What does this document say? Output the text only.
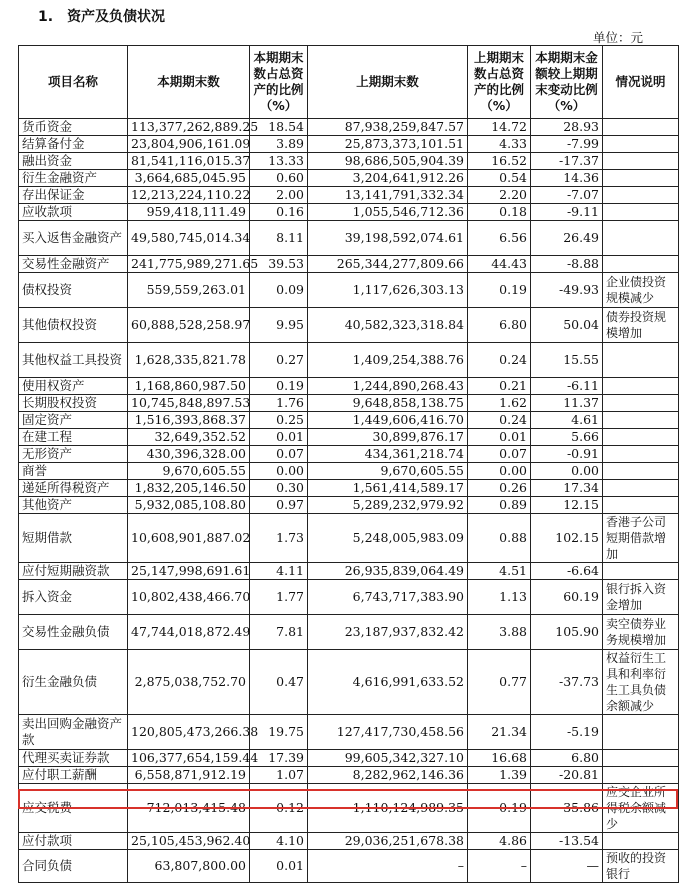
1. 资产及负债状况
单位：元
项目名称	本期期末数	本期期末数占总资产的比例（%）	上期期末数	上期期末数占总资产的比例（%）	本期期末金额较上期期末变动比例（%）	情况说明
货币资金	113,377,262,889.25	18.54	87,938,259,847.57	14.72	28.93	
结算备付金	23,804,906,161.09	3.89	25,873,373,101.51	4.33	-7.99	
融出资金	81,541,116,015.37	13.33	98,686,505,904.39	16.52	-17.37	
衍生金融资产	3,664,685,045.95	0.60	3,204,641,912.26	0.54	14.36	
存出保证金	12,213,224,110.22	2.00	13,141,791,332.34	2.20	-7.07	
应收款项	959,418,111.49	0.16	1,055,546,712.36	0.18	-9.11	
买入返售金融资产	49,580,745,014.34	8.11	39,198,592,074.61	6.56	26.49	
交易性金融资产	241,775,989,271.65	39.53	265,344,277,809.66	44.43	-8.88	
债权投资	559,559,263.01	0.09	1,117,626,303.13	0.19	-49.93	企业债投资规模减少
其他债权投资	60,888,528,258.97	9.95	40,582,323,318.84	6.80	50.04	债券投资规模增加
其他权益工具投资	1,628,335,821.78	0.27	1,409,254,388.76	0.24	15.55	
使用权资产	1,168,860,987.50	0.19	1,244,890,268.43	0.21	-6.11	
长期股权投资	10,745,848,897.53	1.76	9,648,858,138.75	1.62	11.37	
固定资产	1,516,393,868.37	0.25	1,449,606,416.70	0.24	4.61	
在建工程	32,649,352.52	0.01	30,899,876.17	0.01	5.66	
无形资产	430,396,328.00	0.07	434,361,218.74	0.07	-0.91	
商誉	9,670,605.55	0.00	9,670,605.55	0.00	0.00	
递延所得税资产	1,832,205,146.50	0.30	1,561,414,589.17	0.26	17.34	
其他资产	5,932,085,108.80	0.97	5,289,232,979.92	0.89	12.15	
短期借款	10,608,901,887.02	1.73	5,248,005,983.09	0.88	102.15	香港子公司短期借款增加
应付短期融资款	25,147,998,691.61	4.11	26,935,839,064.49	4.51	-6.64	
拆入资金	10,802,438,466.70	1.77	6,743,717,383.90	1.13	60.19	银行拆入资金增加
交易性金融负债	47,744,018,872.49	7.81	23,187,937,832.42	3.88	105.90	卖空债券业务规模增加
衍生金融负债	2,875,038,752.70	0.47	4,616,991,633.52	0.77	-37.73	权益衍生工具和利率衍生工具负债余额减少
卖出回购金融资产款	120,805,473,266.38	19.75	127,417,730,458.56	21.34	-5.19	
代理买卖证券款	106,377,654,159.44	17.39	99,605,342,327.10	16.68	6.80	
应付职工薪酬	6,558,871,912.19	1.07	8,282,962,146.36	1.39	-20.81	
应交税费	712,013,415.48	0.12	1,110,124,989.35	0.19	-35.86	应交企业所得税余额减少
应付款项	25,105,453,962.40	4.10	29,036,251,678.38	4.86	-13.54	
合同负债	63,807,800.00	0.01	–	–	—	预收的投资银行
